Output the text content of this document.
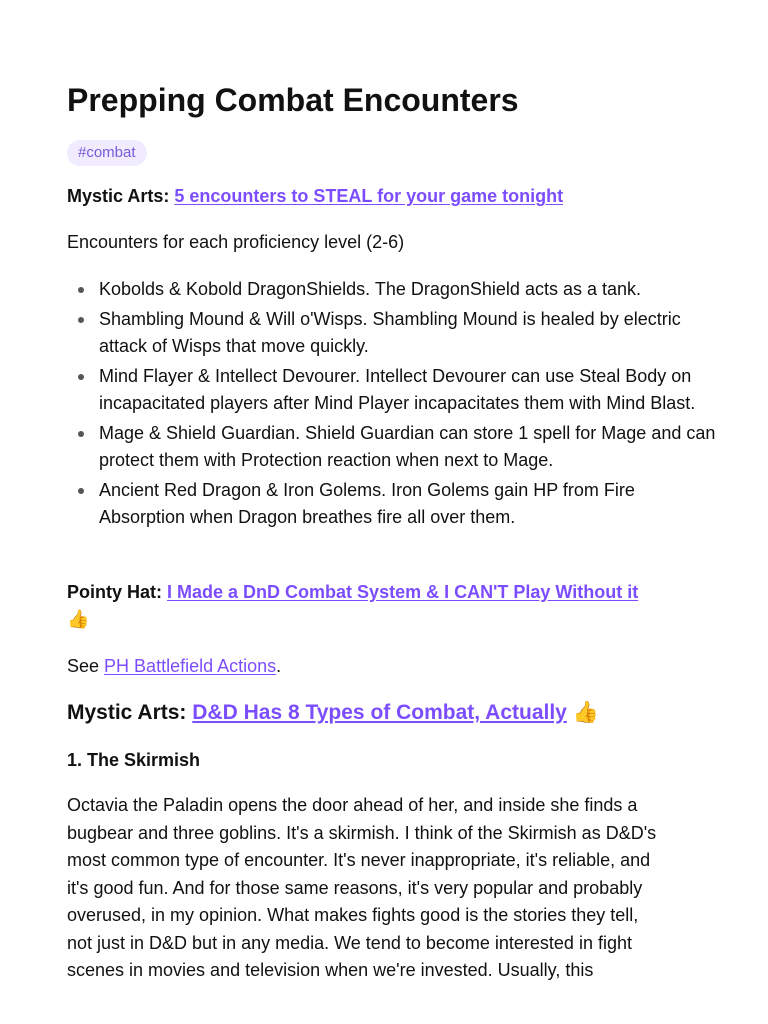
Prepping Combat Encounters
#combat
Mystic Arts: 5 encounters to STEAL for your game tonight
Encounters for each proficiency level (2-6)
Kobolds & Kobold DragonShields. The DragonShield acts as a tank.
Shambling Mound & Will o'Wisps. Shambling Mound is healed by electric attack of Wisps that move quickly.
Mind Flayer & Intellect Devourer. Intellect Devourer can use Steal Body on incapacitated players after Mind Player incapacitates them with Mind Blast.
Mage & Shield Guardian. Shield Guardian can store 1 spell for Mage and can protect them with Protection reaction when next to Mage.
Ancient Red Dragon & Iron Golems. Iron Golems gain HP from Fire Absorption when Dragon breathes fire all over them.
Pointy Hat: I Made a DnD Combat System & I CAN'T Play Without it
👍
See PH Battlefield Actions.
Mystic Arts: D&D Has 8 Types of Combat, Actually 👍
1. The Skirmish
Octavia the Paladin opens the door ahead of her, and inside she finds a
bugbear and three goblins. It's a skirmish. I think of the Skirmish as D&D's
most common type of encounter. It's never inappropriate, it's reliable, and
it's good fun. And for those same reasons, it's very popular and probably
overused, in my opinion. What makes fights good is the stories they tell,
not just in D&D but in any media. We tend to become interested in fight
scenes in movies and television when we're invested. Usually, this
